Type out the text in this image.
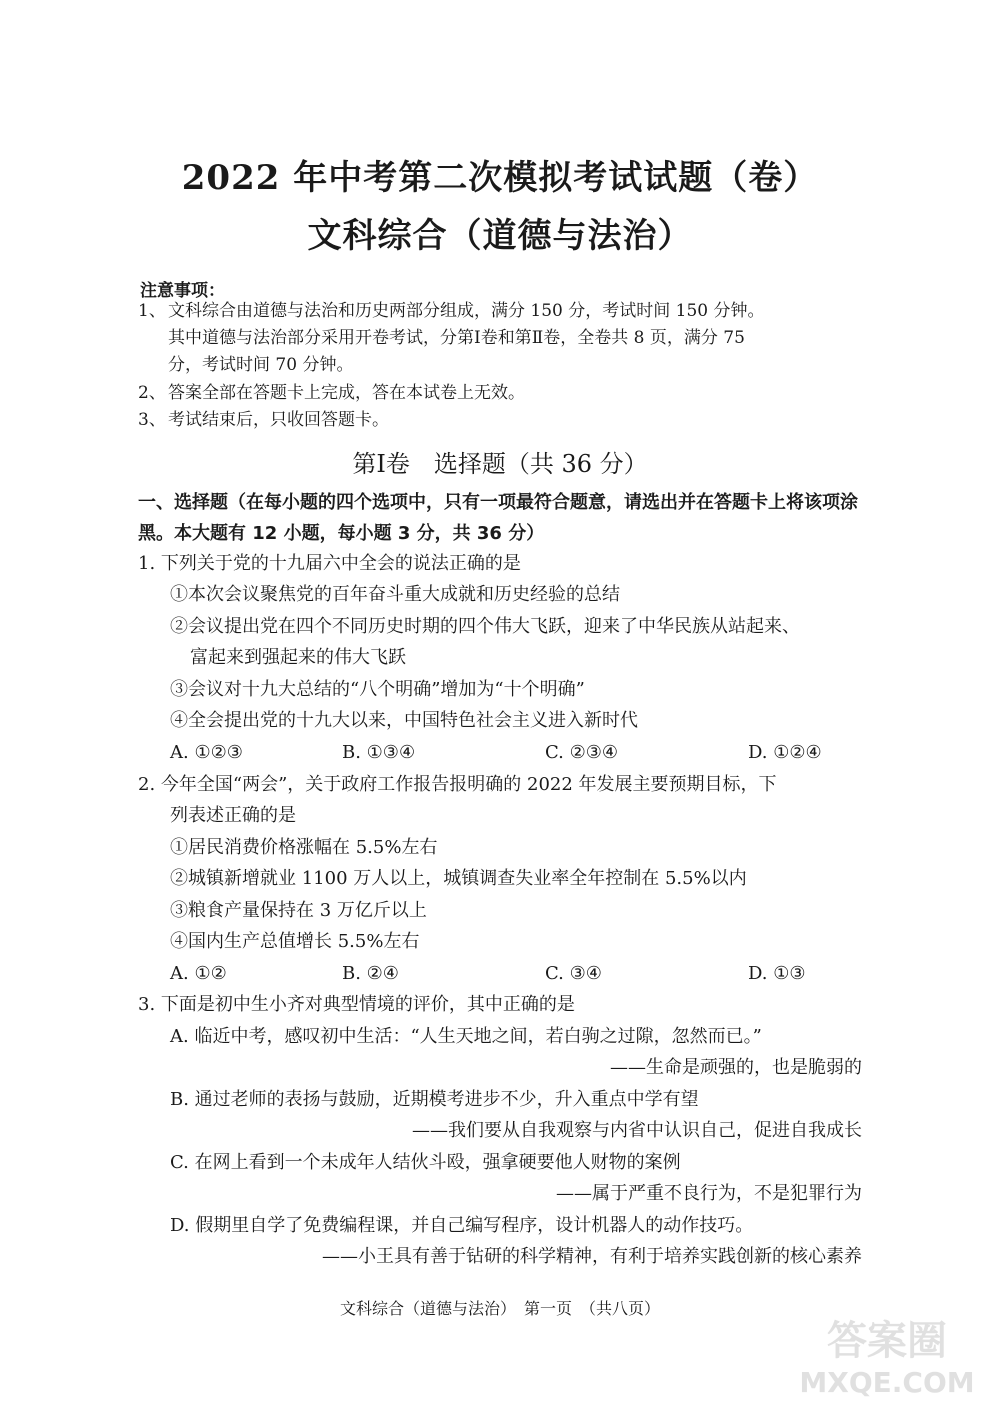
2022 年中考第二次模拟考试试题（卷）
文科综合（道德与法治）
注意事项：
1、 文科综合由道德与法治和历史两部分组成，满分 150 分，考试时间 150 分钟。
其中道德与法治部分采用开卷考试，分第Ⅰ卷和第Ⅱ卷，全卷共 8 页，满分 75
分，考试时间 70 分钟。
2、 答案全部在答题卡上完成，答在本试卷上无效。
3、 考试结束后，只收回答题卡。
第Ⅰ卷　选择题（共 36 分）
一、选择题（在每小题的四个选项中，只有一项最符合题意，请选出并在答题卡上将该项涂黑。本大题有 12 小题，每小题 3 分，共 36 分）
1. 下列关于党的十九届六中全会的说法正确的是
①本次会议聚焦党的百年奋斗重大成就和历史经验的总结
②会议提出党在四个不同历史时期的四个伟大飞跃，迎来了中华民族从站起来、
富起来到强起来的伟大飞跃
③会议对十九大总结的“八个明确”增加为“十个明确”
④全会提出党的十九大以来，中国特色社会主义进入新时代
A. ①②③	B. ①③④	C. ②③④	D. ①②④
2. 今年全国“两会”，关于政府工作报告报明确的 2022 年发展主要预期目标，下
列表述正确的是
①居民消费价格涨幅在 5.5%左右
②城镇新增就业 1100 万人以上，城镇调查失业率全年控制在 5.5%以内
③粮食产量保持在 3 万亿斤以上
④国内生产总值增长 5.5%左右
A. ①②	B. ②④	C. ③④	D. ①③
3. 下面是初中生小齐对典型情境的评价，其中正确的是
A. 临近中考，感叹初中生活：“人生天地之间，若白驹之过隙，忽然而已。”
——生命是顽强的，也是脆弱的
B. 通过老师的表扬与鼓励，近期模考进步不少，升入重点中学有望
——我们要从自我观察与内省中认识自己，促进自我成长
C. 在网上看到一个未成年人结伙斗殴，强拿硬要他人财物的案例
——属于严重不良行为，不是犯罪行为
D. 假期里自学了免费编程课，并自己编写程序，设计机器人的动作技巧。
——小王具有善于钻研的科学精神，有利于培养实践创新的核心素养
文科综合（道德与法治）　第一页　（共八页）
答案圈
MXQE.COM
